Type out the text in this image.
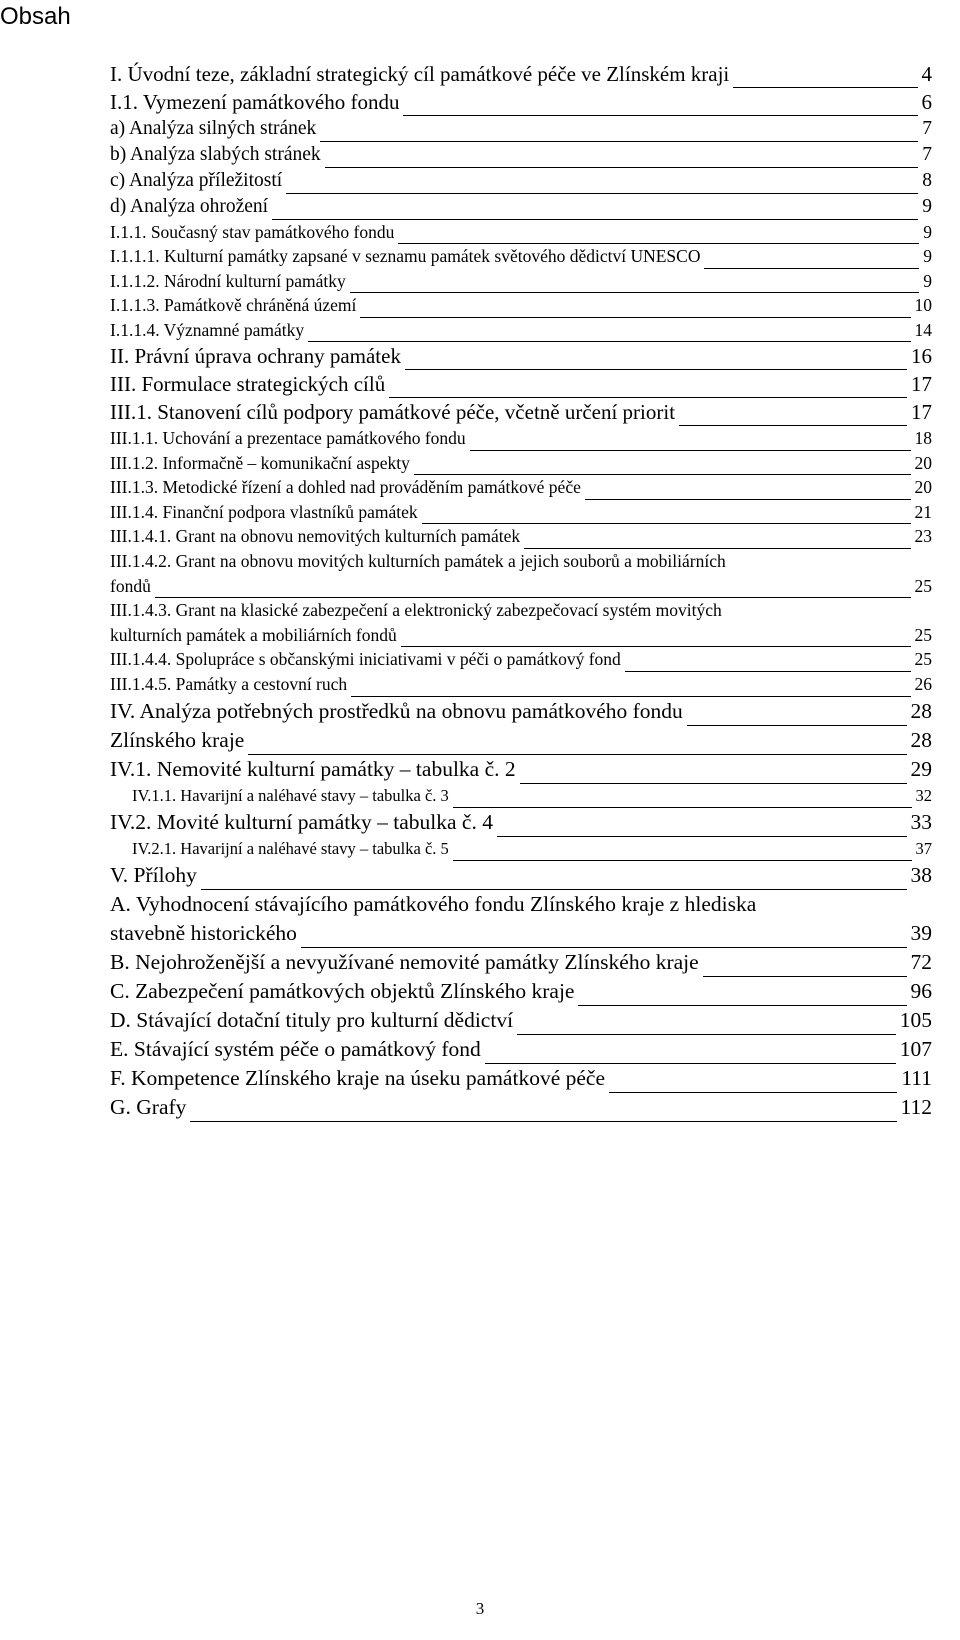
Obsah
I. Úvodní teze, základní strategický cíl památkové péče ve Zlínském kraji	4
I.1. Vymezení památkového fondu	6
a) Analýza silných stránek	7
b) Analýza slabých stránek	7
c) Analýza příležitostí	8
d) Analýza ohrožení	9
I.1.1. Současný stav památkového fondu	9
I.1.1.1. Kulturní památky zapsané v seznamu památek světového dědictví UNESCO	9
I.1.1.2. Národní kulturní památky	9
I.1.1.3. Památkově chráněná území	10
I.1.1.4. Významné památky	14
II. Právní úprava ochrany památek	16
III. Formulace strategických cílů	17
III.1. Stanovení cílů podpory památkové péče, včetně určení priorit	17
III.1.1. Uchování a prezentace památkového fondu	18
III.1.2. Informačně – komunikační aspekty	20
III.1.3. Metodické řízení a dohled nad prováděním památkové péče	20
III.1.4. Finanční podpora vlastníků památek	21
III.1.4.1. Grant na obnovu nemovitých kulturních památek	23
III.1.4.2. Grant na obnovu movitých kulturních památek a jejich souborů a mobiliárních
fondů	25
III.1.4.3. Grant na klasické zabezpečení a elektronický zabezpečovací systém movitých
kulturních památek a mobiliárních fondů	25
III.1.4.4. Spolupráce s občanskými iniciativami v péči o památkový fond	25
III.1.4.5. Památky a cestovní ruch	26
IV. Analýza potřebných prostředků na obnovu památkového fondu	28
Zlínského kraje	28
IV.1. Nemovité kulturní památky – tabulka č. 2	29
IV.1.1. Havarijní a naléhavé stavy – tabulka č. 3	32
IV.2. Movité kulturní památky – tabulka č. 4	33
IV.2.1. Havarijní a naléhavé stavy – tabulka č. 5	37
V. Přílohy	38
A. Vyhodnocení stávajícího památkového fondu Zlínského kraje z hlediska
stavebně historického	39
B. Nejohroženější a nevyužívané nemovité památky Zlínského kraje	72
C. Zabezpečení památkových objektů Zlínského kraje	96
D. Stávající dotační tituly pro kulturní dědictví	105
E. Stávající systém péče o památkový fond	107
F. Kompetence Zlínského kraje na úseku památkové péče	111
G. Grafy	112
3
